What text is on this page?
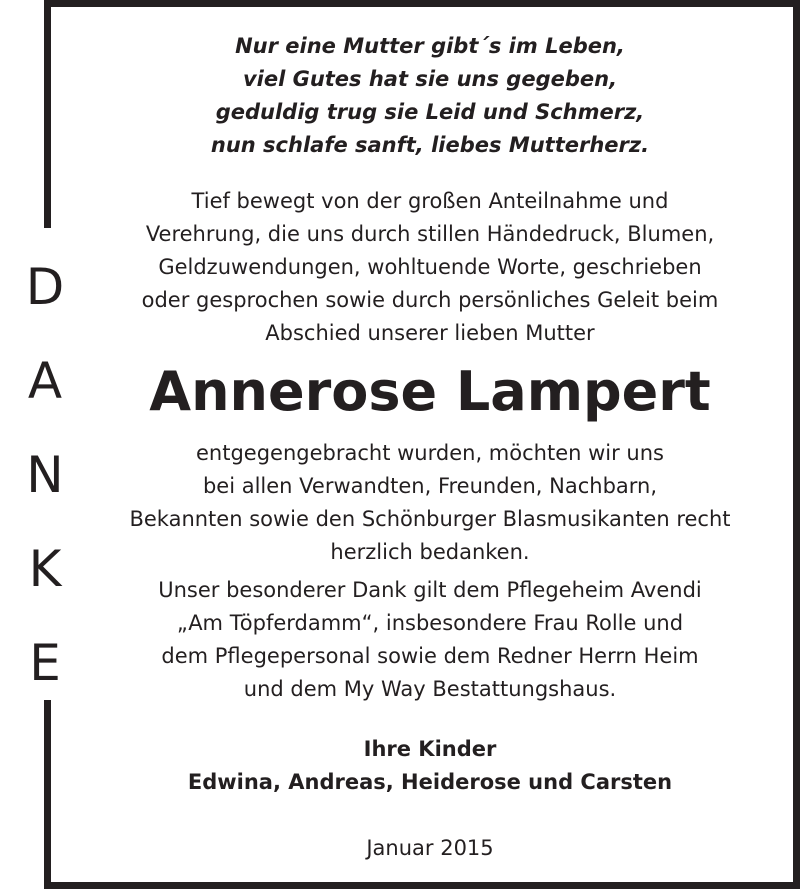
D
A
N
K
E
Nur eine Mutter gibt´s im Leben,
viel Gutes hat sie uns gegeben,
geduldig trug sie Leid und Schmerz,
nun schlafe sanft, liebes Mutterherz.
Tief bewegt von der großen Anteilnahme und
Verehrung, die uns durch stillen Händedruck, Blumen,
Geldzuwendungen, wohltuende Worte, geschrieben
oder gesprochen sowie durch persönliches Geleit beim
Abschied unserer lieben Mutter
Annerose Lampert
entgegengebracht wurden, möchten wir uns
bei allen Verwandten, Freunden, Nachbarn,
Bekannten sowie den Schönburger Blasmusikanten recht
herzlich bedanken.
Unser besonderer Dank gilt dem Pflegeheim Avendi
„Am Töpferdamm“, insbesondere Frau Rolle und
dem Pflegepersonal sowie dem Redner Herrn Heim
und dem My Way Bestattungshaus.
Ihre Kinder
Edwina, Andreas, Heiderose und Carsten
Januar 2015
